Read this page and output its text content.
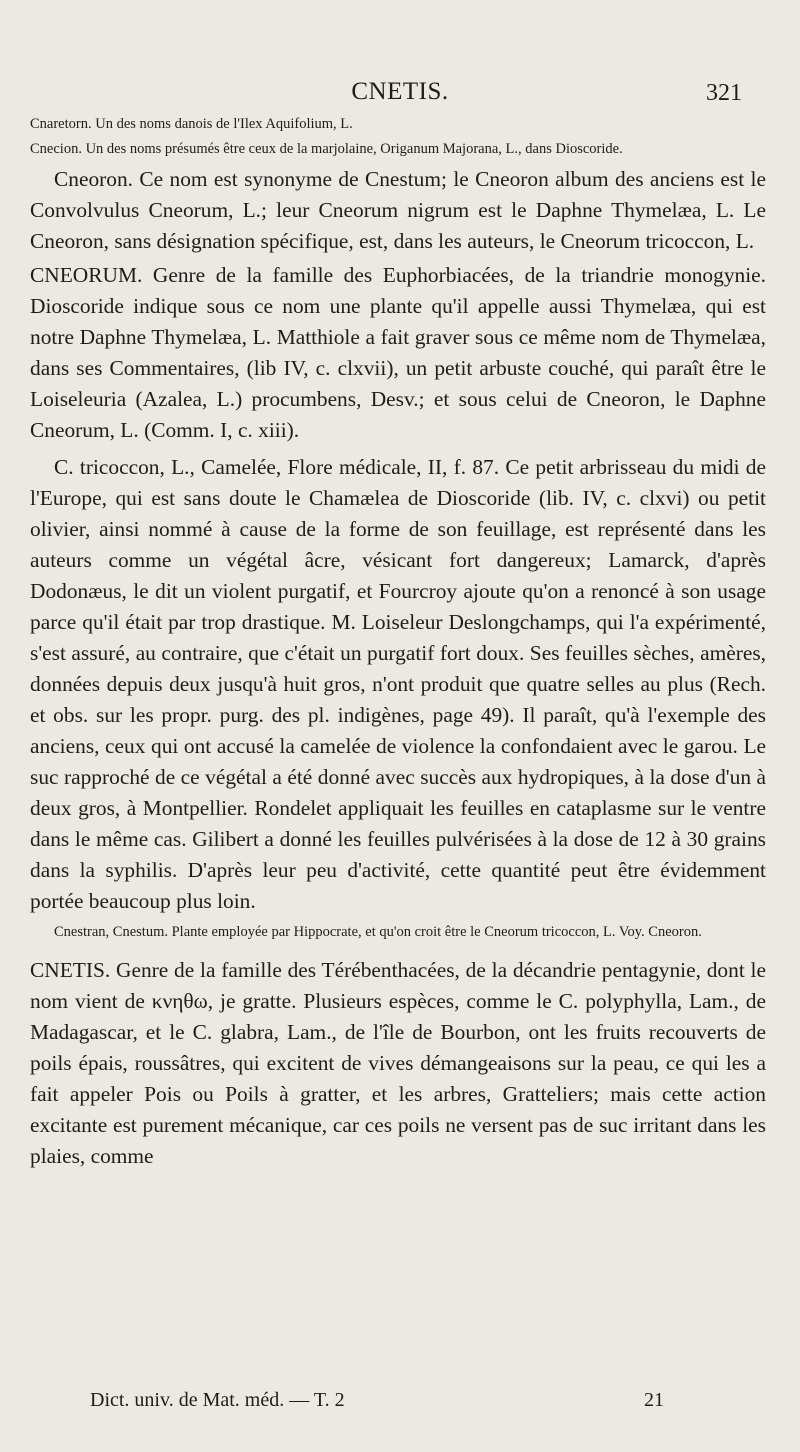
CNETIS.	321

Cnaretorn. Un des noms danois de l'Ilex Aquifolium, L.

Cnecion. Un des noms présumés être ceux de la marjolaine, Origanum Majorana, L., dans Dioscoride.

Cneoron. Ce nom est synonyme de Cnestum; le Cneoron album des anciens est le Convolvulus Cneorum, L.; leur Cneorum nigrum est le Daphne Thymelæa, L. Le Cneoron, sans désignation spécifique, est, dans les auteurs, le Cneorum tricoccon, L.

CNEORUM. Genre de la famille des Euphorbiacées, de la triandrie monogynie. Dioscoride indique sous ce nom une plante qu'il appelle aussi Thymelæa, qui est notre Daphne Thymelæa, L. Matthiole a fait graver sous ce même nom de Thymelæa, dans ses Commentaires, (lib IV, c. clxvii), un petit arbuste couché, qui paraît être le Loiseleuria (Azalea, L.) procumbens, Desv.; et sous celui de Cneoron, le Daphne Cneorum, L. (Comm. I, c. xiii).

C. tricoccon, L., Camelée, Flore médicale, II, f. 87. Ce petit arbrisseau du midi de l'Europe, qui est sans doute le Chamælea de Dioscoride (lib. IV, c. clxvi) ou petit olivier, ainsi nommé à cause de la forme de son feuillage, est représenté dans les auteurs comme un végétal âcre, vésicant fort dangereux; Lamarck, d'après Dodonæus, le dit un violent purgatif, et Fourcroy ajoute qu'on a renoncé à son usage parce qu'il était par trop drastique. M. Loiseleur Deslongchamps, qui l'a expérimenté, s'est assuré, au contraire, que c'était un purgatif fort doux. Ses feuilles sèches, amères, données depuis deux jusqu'à huit gros, n'ont produit que quatre selles au plus (Rech. et obs. sur les propr. purg. des pl. indigènes, page 49). Il paraît, qu'à l'exemple des anciens, ceux qui ont accusé la camelée de violence la confondaient avec le garou. Le suc rapproché de ce végétal a été donné avec succès aux hydropiques, à la dose d'un à deux gros, à Montpellier. Rondelet appliquait les feuilles en cataplasme sur le ventre dans le même cas. Gilibert a donné les feuilles pulvérisées à la dose de 12 à 30 grains dans la syphilis. D'après leur peu d'activité, cette quantité peut être évidemment portée beaucoup plus loin.

Cnestran, Cnestum. Plante employée par Hippocrate, et qu'on croit être le Cneorum tricoccon, L. Voy. Cneoron.

CNETIS. Genre de la famille des Térébenthacées, de la décandrie pentagynie, dont le nom vient de κνηθω, je gratte. Plusieurs espèces, comme le C. polyphylla, Lam., de Madagascar, et le C. glabra, Lam., de l'île de Bourbon, ont les fruits recouverts de poils épais, roussâtres, qui excitent de vives démangeaisons sur la peau, ce qui les a fait appeler Pois ou Poils à gratter, et les arbres, Gratteliers; mais cette action excitante est purement mécanique, car ces poils ne versent pas de suc irritant dans les plaies, comme

Dict. univ. de Mat. méd. — T. 2	21
